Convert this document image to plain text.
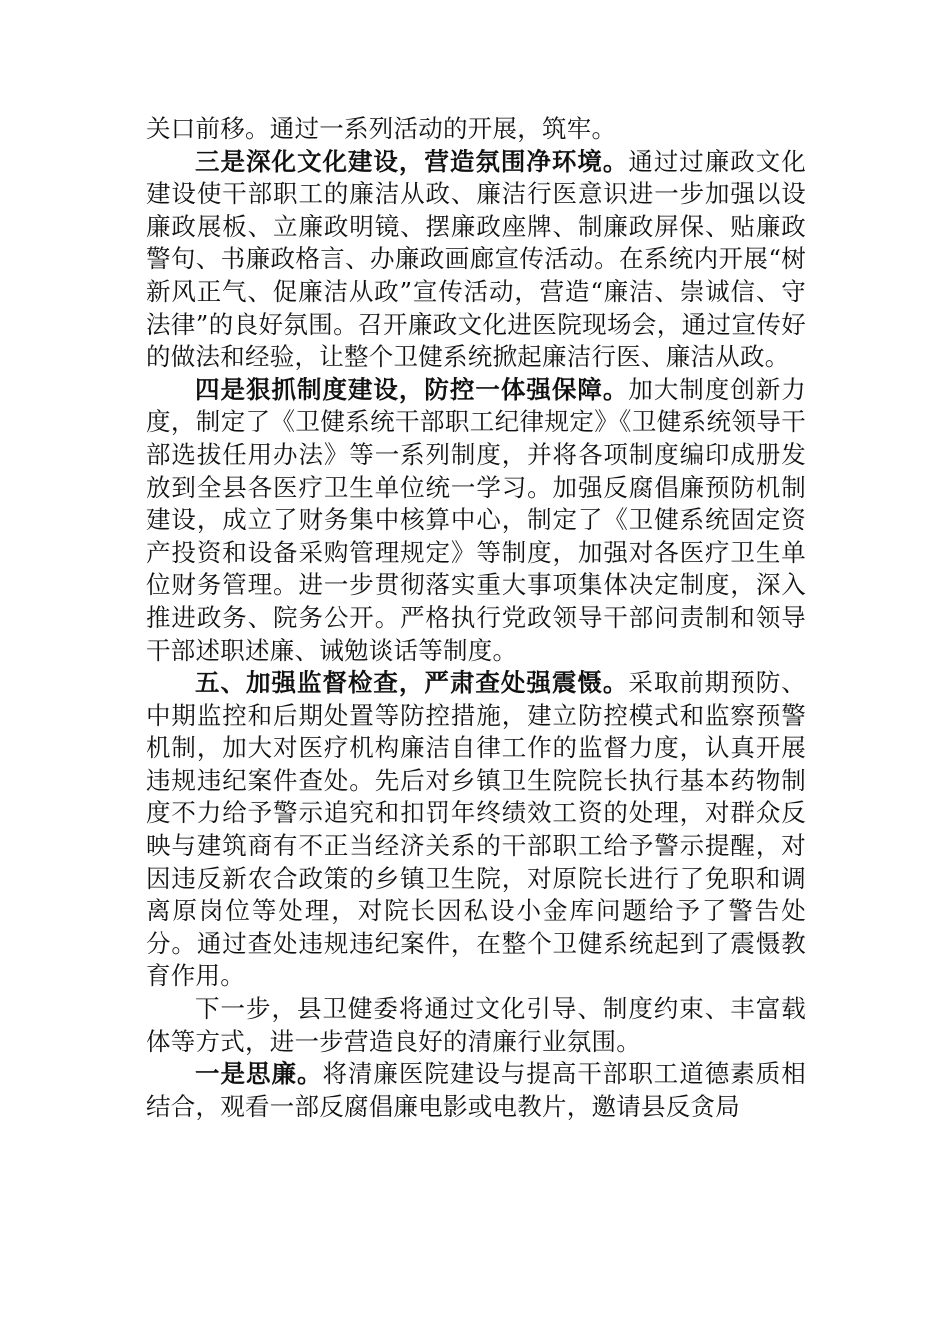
关口前移。通过一系列活动的开展，筑牢。

三是深化文化建设，营造氛围净环境。通过过廉政文化建设使干部职工的廉洁从政、廉洁行医意识进一步加强以设廉政展板、立廉政明镜、摆廉政座牌、制廉政屏保、贴廉政警句、书廉政格言、办廉政画廊宣传活动。在系统内开展“树新风正气、促廉洁从政”宣传活动，营造“廉洁、崇诚信、守法律”的良好氛围。召开廉政文化进医院现场会，通过宣传好的做法和经验，让整个卫健系统掀起廉洁行医、廉洁从政。

四是狠抓制度建设，防控一体强保障。加大制度创新力度，制定了《卫健系统干部职工纪律规定》《卫健系统领导干部选拔任用办法》等一系列制度，并将各项制度编印成册发放到全县各医疗卫生单位统一学习。加强反腐倡廉预防机制建设，成立了财务集中核算中心，制定了《卫健系统固定资产投资和设备采购管理规定》等制度，加强对各医疗卫生单位财务管理。进一步贯彻落实重大事项集体决定制度，深入推进政务、院务公开。严格执行党政领导干部问责制和领导干部述职述廉、诫勉谈话等制度。

五、加强监督检查，严肃查处强震慑。采取前期预防、中期监控和后期处置等防控措施，建立防控模式和监察预警机制，加大对医疗机构廉洁自律工作的监督力度，认真开展违规违纪案件查处。先后对乡镇卫生院院长执行基本药物制度不力给予警示追究和扣罚年终绩效工资的处理，对群众反映与建筑商有不正当经济关系的干部职工给予警示提醒，对因违反新农合政策的乡镇卫生院，对原院长进行了免职和调离原岗位等处理，对院长因私设小金库问题给予了警告处分。通过查处违规违纪案件，在整个卫健系统起到了震慑教育作用。

下一步，县卫健委将通过文化引导、制度约束、丰富载体等方式，进一步营造良好的清廉行业氛围。

一是思廉。将清廉医院建设与提高干部职工道德素质相结合，观看一部反腐倡廉电影或电教片，邀请县反贪局
